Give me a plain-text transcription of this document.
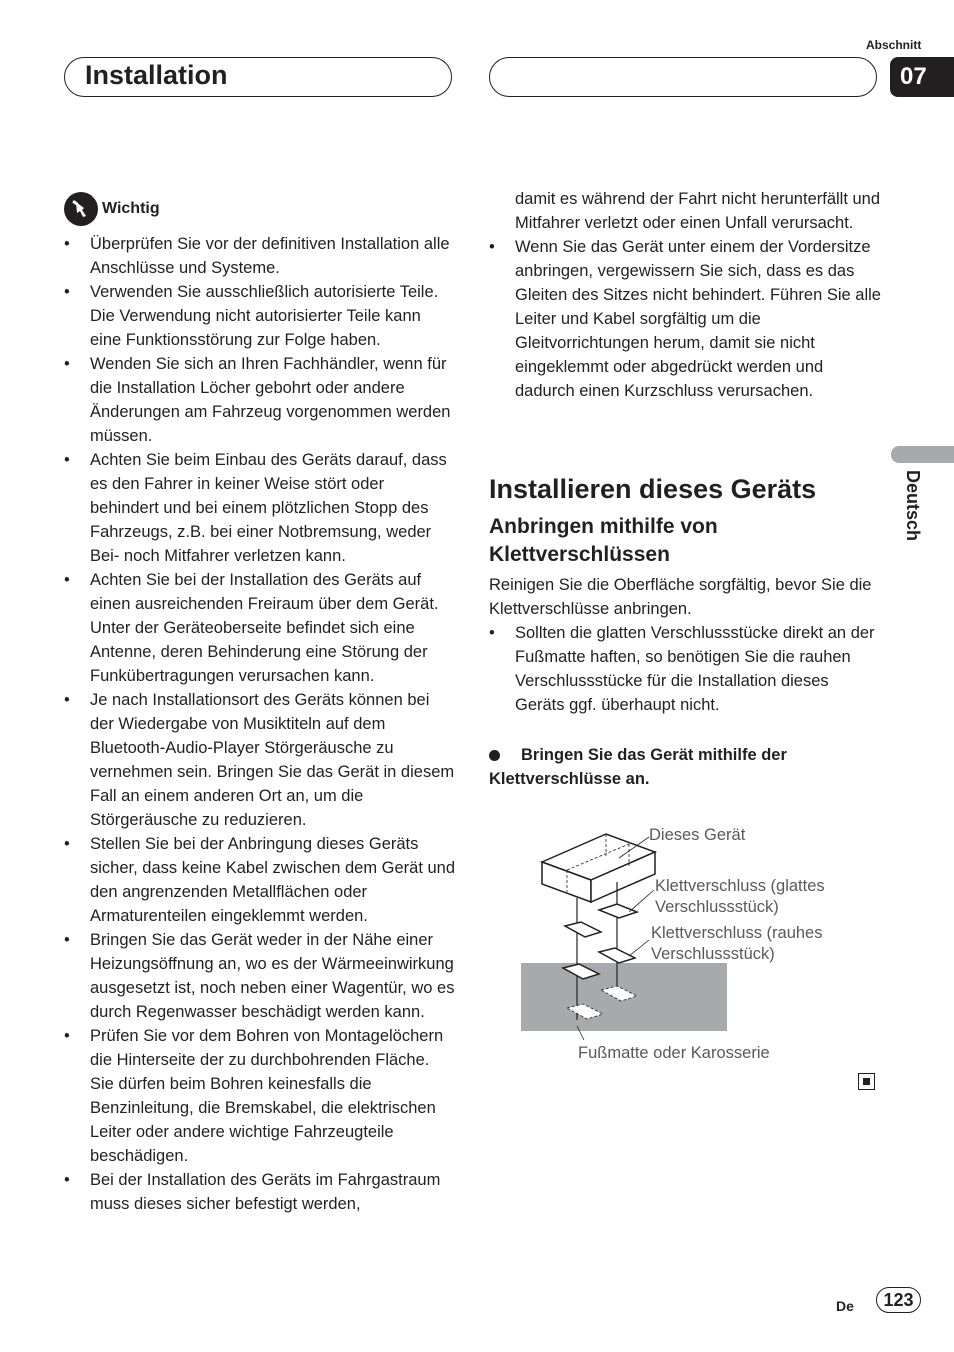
Abschnitt
07
Installation
Deutsch
Wichtig
• Überprüfen Sie vor der definitiven Installation alle Anschlüsse und Systeme.
• Verwenden Sie ausschließlich autorisierte Teile. Die Verwendung nicht autorisierter Teile kann eine Funktionsstörung zur Folge haben.
• Wenden Sie sich an Ihren Fachhändler, wenn für die Installation Löcher gebohrt oder andere Änderungen am Fahrzeug vorgenommen werden müssen.
• Achten Sie beim Einbau des Geräts darauf, dass es den Fahrer in keiner Weise stört oder behindert und bei einem plötzlichen Stopp des Fahrzeugs, z.B. bei einer Notbremsung, weder Bei- noch Mitfahrer verletzen kann.
• Achten Sie bei der Installation des Geräts auf einen ausreichenden Freiraum über dem Gerät. Unter der Geräteoberseite befindet sich eine Antenne, deren Behinderung eine Störung der Funkübertragungen verursachen kann.
• Je nach Installationsort des Geräts können bei der Wiedergabe von Musiktiteln auf dem Bluetooth-Audio-Player Störgeräusche zu vernehmen sein. Bringen Sie das Gerät in diesem Fall an einem anderen Ort an, um die Störgeräusche zu reduzieren.
• Stellen Sie bei der Anbringung dieses Geräts sicher, dass keine Kabel zwischen dem Gerät und den angrenzenden Metallflächen oder Armaturenteilen eingeklemmt werden.
• Bringen Sie das Gerät weder in der Nähe einer Heizungsöffnung an, wo es der Wärmeeinwirkung ausgesetzt ist, noch neben einer Wagentür, wo es durch Regenwasser beschädigt werden kann.
• Prüfen Sie vor dem Bohren von Montagelöchern die Hinterseite der zu durchbohrenden Fläche. Sie dürfen beim Bohren keinesfalls die Benzinleitung, die Bremskabel, die elektrischen Leiter oder andere wichtige Fahrzeugteile beschädigen.
• Bei der Installation des Geräts im Fahrgastraum muss dieses sicher befestigt werden,

damit es während der Fahrt nicht herunterfällt und Mitfahrer verletzt oder einen Unfall verursacht.

• Wenn Sie das Gerät unter einem der Vordersitze anbringen, vergewissern Sie sich, dass es das Gleiten des Sitzes nicht behindert. Führen Sie alle Leiter und Kabel sorgfältig um die Gleitvorrichtungen herum, damit sie nicht eingeklemmt oder abgedrückt werden und dadurch einen Kurzschluss verursachen.
Installieren dieses Geräts
Anbringen mithilfe von Klettverschlüssen

Reinigen Sie die Oberfläche sorgfältig, bevor Sie die Klettverschlüsse anbringen.

• Sollten die glatten Verschlussstücke direkt an der Fußmatte haften, so benötigen Sie die rauhen Verschlussstücke für die Installation dieses Geräts ggf. überhaupt nicht.

Bringen Sie das Gerät mithilfe der Klettverschlüsse an.

Dieses Gerät
Klettverschluss (glattes
Verschlussstück)
Klettverschluss (rauhes
Verschlussstück)
Fußmatte oder Karosserie
De	123
